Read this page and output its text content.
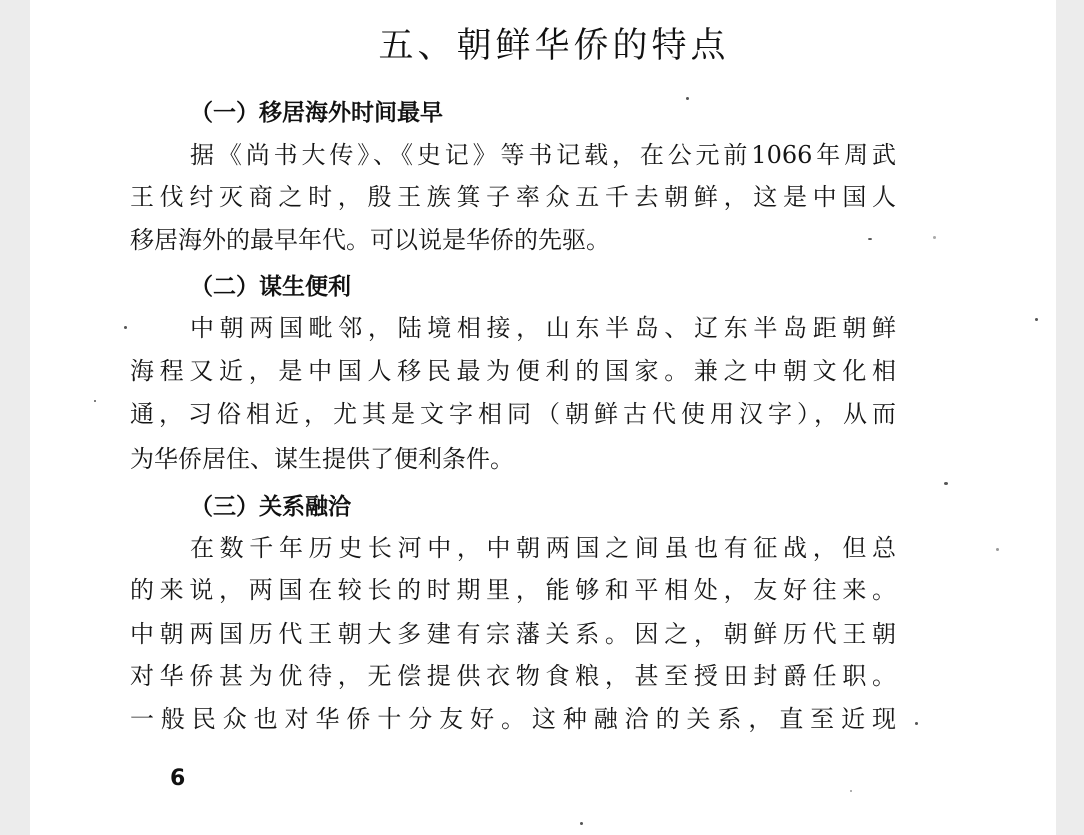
五、朝鲜华侨的特点
（一）移居海外时间最早
据《尚书大传》、《史记》等书记载，在公元前1066年周武
王伐纣灭商之时，殷王族箕子率众五千去朝鲜，这是中国人
移居海外的最早年代。可以说是华侨的先驱。
（二）谋生便利
中朝两国毗邻，陆境相接，山东半岛、辽东半岛距朝鲜
海程又近，是中国人移民最为便利的国家。兼之中朝文化相
通，习俗相近，尤其是文字相同（朝鲜古代使用汉字），从而
为华侨居住、谋生提供了便利条件。
（三）关系融洽
在数千年历史长河中，中朝两国之间虽也有征战，但总
的来说，两国在较长的时期里，能够和平相处，友好往来。
中朝两国历代王朝大多建有宗藩关系。因之，朝鲜历代王朝
对华侨甚为优待，无偿提供衣物食粮，甚至授田封爵任职。
一般民众也对华侨十分友好。这种融洽的关系，直至近现
6
